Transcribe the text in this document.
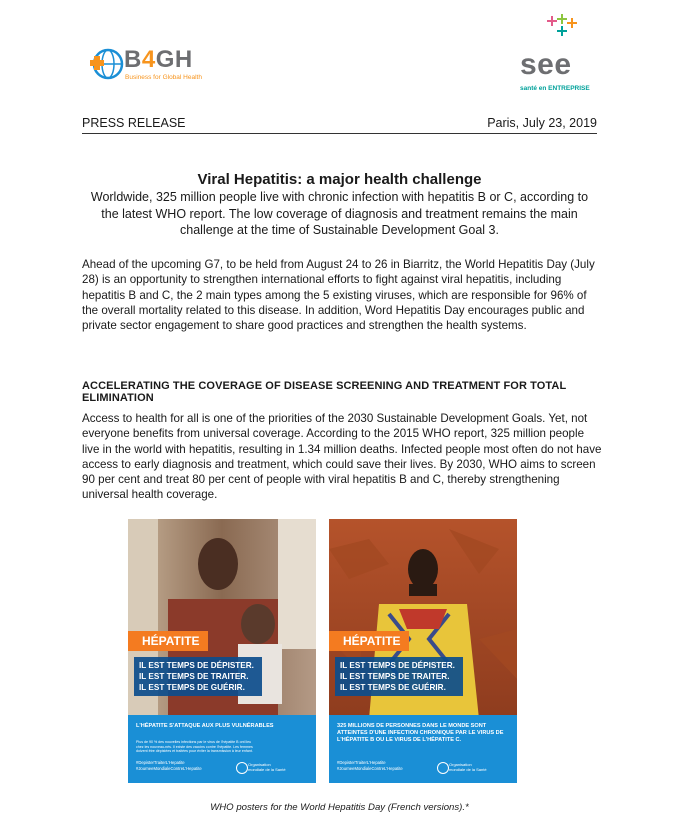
B4GH
Business for Global Health	see
santé en ENTREPRISE
PRESS RELEASE	Paris, July 23, 2019
Viral Hepatitis: a major health challenge
Worldwide, 325 million people live with chronic infection with hepatitis B or C, according to the latest WHO report. The low coverage of diagnosis and treatment remains the main challenge at the time of Sustainable Development Goal 3.
Ahead of the upcoming G7, to be held from August 24 to 26 in Biarritz, the World Hepatitis Day (July 28) is an opportunity to strengthen international efforts to fight against viral hepatitis, including hepatitis B and C, the 2 main types among the 5 existing viruses, which are responsible for 96% of the overall mortality related to this disease. In addition, Word Hepatitis Day encourages public and private sector engagement to share good practices and strengthen the health systems.
ACCELERATING THE COVERAGE OF DISEASE SCREENING AND TREATMENT FOR TOTAL ELIMINATION
Access to health for all is one of the priorities of the 2030 Sustainable Development Goals. Yet, not everyone benefits from universal coverage. According to the 2015 WHO report, 325 million people live in the world with hepatitis, resulting in 1.34 million deaths. Infected people most often do not have access to early diagnosis and treatment, which could save their lives. By 2030, WHO aims to screen 90 per cent and treat 80 per cent of people with viral hepatitis B and C, thereby strengthening universal health coverage.
HÉPATITE
IL EST TEMPS DE DÉPISTER.
IL EST TEMPS DE TRAITER.
IL EST TEMPS DE GUÉRIR.
L'HÉPATITE S'ATTAQUE AUX PLUS VULNÉRABLES
Plus de 90 % des nouvelles infections par le virus de l'hépatite B ont lieu chez les nouveau-nés. Il existe des vaccins contre l'hépatite. Les femmes doivent être dépistées et traitées pour éviter la transmission à leur enfant.
#DepisterTraiterL'Hepatite
#JourneeMondialeContreL'Hepatite
Organisation
mondiale de la Santé
HÉPATITE
IL EST TEMPS DE DÉPISTER.
IL EST TEMPS DE TRAITER.
IL EST TEMPS DE GUÉRIR.
325 MILLIONS DE PERSONNES DANS LE MONDE SONT ATTEINTES D'UNE INFECTION CHRONIQUE PAR LE VIRUS DE L'HÉPATITE B OU LE VIRUS DE L'HÉPATITE C.
#DepisterTraiterL'Hepatite
#JourneeMondialeContreL'Hepatite
Organisation
mondiale de la Santé
WHO posters for the World Hepatitis Day (French versions).*
